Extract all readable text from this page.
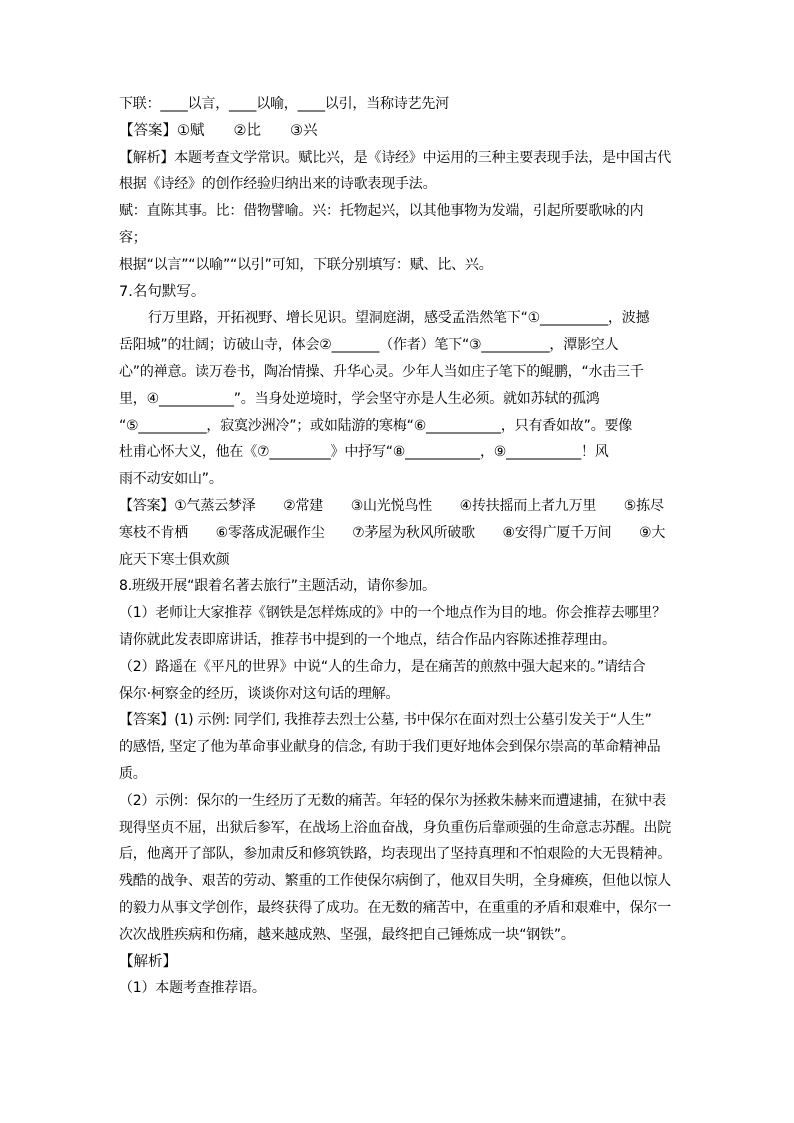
下联：____以言，____以喻，____以引，当称诗艺先河
【答案】①赋　　②比　　③兴
【解析】本题考查文学常识。赋比兴，是《诗经》中运用的三种主要表现手法，是中国古代
根据《诗经》的创作经验归纳出来的诗歌表现手法。
赋：直陈其事。比：借物譬喻。兴：托物起兴，以其他事物为发端，引起所要歌咏的内
容；
根据“以言”“以喻”“以引”可知，下联分别填写：赋、比、兴。
7.名句默写。
行万里路，开拓视野、增长见识。望洞庭湖，感受孟浩然笔下“①__________，波撼
岳阳城”的壮阔；访破山寺，体会②_______（作者）笔下“③__________，潭影空人
心”的禅意。读万卷书，陶冶情操、升华心灵。少年人当如庄子笔下的鲲鹏，“水击三千
里，④___________”。当身处逆境时，学会坚守亦是人生必须。就如苏轼的孤鸿
“⑤__________，寂寞沙洲冷”；或如陆游的寒梅“⑥___________，只有香如故”。要像
杜甫心怀大义，他在《⑦_________》中抒写“⑧___________，⑨___________！风
雨不动安如山”。
【答案】①气蒸云梦泽　　②常建　　③山光悦鸟性　　④抟扶摇而上者九万里　　⑤拣尽
寒枝不肯栖　　⑥零落成泥碾作尘　　⑦茅屋为秋风所破歌　　⑧安得广厦千万间　　⑨大
庇天下寒士俱欢颜
8.班级开展“跟着名著去旅行”主题活动，请你参加。
（1）老师让大家推荐《钢铁是怎样炼成的》中的一个地点作为目的地。你会推荐去哪里？
请你就此发表即席讲话，推荐书中提到的一个地点，结合作品内容陈述推荐理由。
（2）路遥在《平凡的世界》中说“人的生命力，是在痛苦的煎熬中强大起来的。”请结合
保尔·柯察金的经历，谈谈你对这句话的理解。
【答案】(1) 示例: 同学们, 我推荐去烈士公墓, 书中保尔在面对烈士公墓引发关于“人生”
的感悟, 坚定了他为革命事业献身的信念, 有助于我们更好地体会到保尔崇高的革命精神品
质。
（2）示例：保尔的一生经历了无数的痛苦。年轻的保尔为拯救朱赫来而遭逮捕，在狱中表
现得坚贞不屈，出狱后参军，在战场上浴血奋战，身负重伤后靠顽强的生命意志苏醒。出院
后，他离开了部队，参加肃反和修筑铁路，均表现出了坚持真理和不怕艰险的大无畏精神。
残酷的战争、艰苦的劳动、繁重的工作使保尔病倒了，他双目失明，全身瘫痪，但他以惊人
的毅力从事文学创作，最终获得了成功。在无数的痛苦中，在重重的矛盾和艰难中，保尔一
次次战胜疾病和伤痛，越来越成熟、坚强，最终把自己锤炼成一块“钢铁”。
【解析】
（1）本题考查推荐语。
